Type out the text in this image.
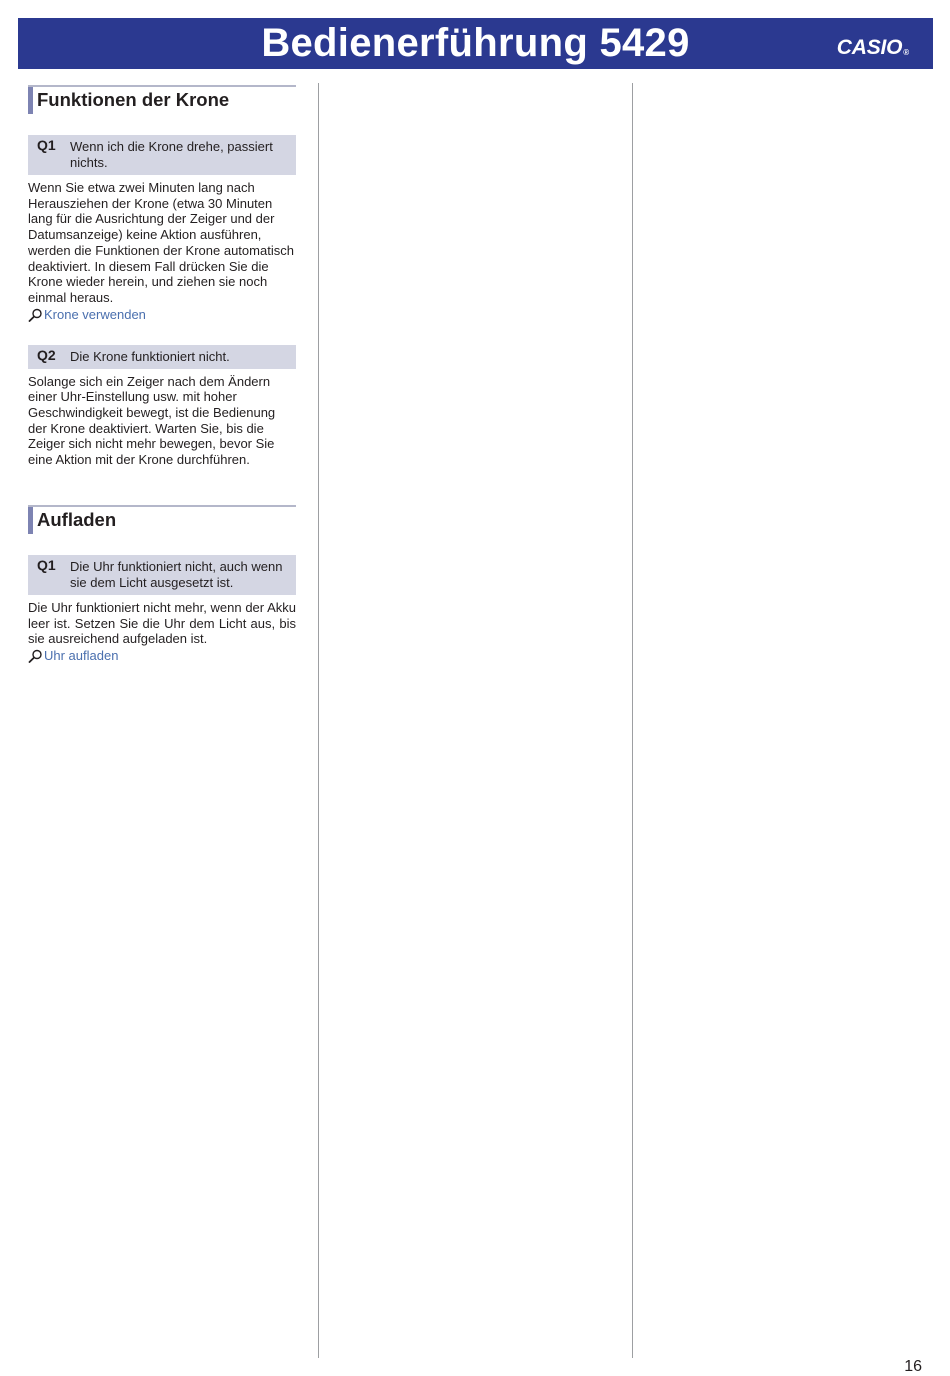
Bedienerführung 5429	CASIO®
Funktionen der Krone
Q1 Wenn ich die Krone drehe, passiert nichts.
Wenn Sie etwa zwei Minuten lang nach Herausziehen der Krone (etwa 30 Minuten lang für die Ausrichtung der Zeiger und der Datumsanzeige) keine Aktion ausführen, werden die Funktionen der Krone automatisch deaktiviert. In diesem Fall drücken Sie die Krone wieder herein, und ziehen sie noch einmal heraus.
Krone verwenden
Q2 Die Krone funktioniert nicht.
Solange sich ein Zeiger nach dem Ändern einer Uhr-Einstellung usw. mit hoher Geschwindigkeit bewegt, ist die Bedienung der Krone deaktiviert. Warten Sie, bis die Zeiger sich nicht mehr bewegen, bevor Sie eine Aktion mit der Krone durchführen.
Aufladen
Q1 Die Uhr funktioniert nicht, auch wenn sie dem Licht ausgesetzt ist.
Die Uhr funktioniert nicht mehr, wenn der Akku leer ist. Setzen Sie die Uhr dem Licht aus, bis sie ausreichend aufgeladen ist.
Uhr aufladen
16
